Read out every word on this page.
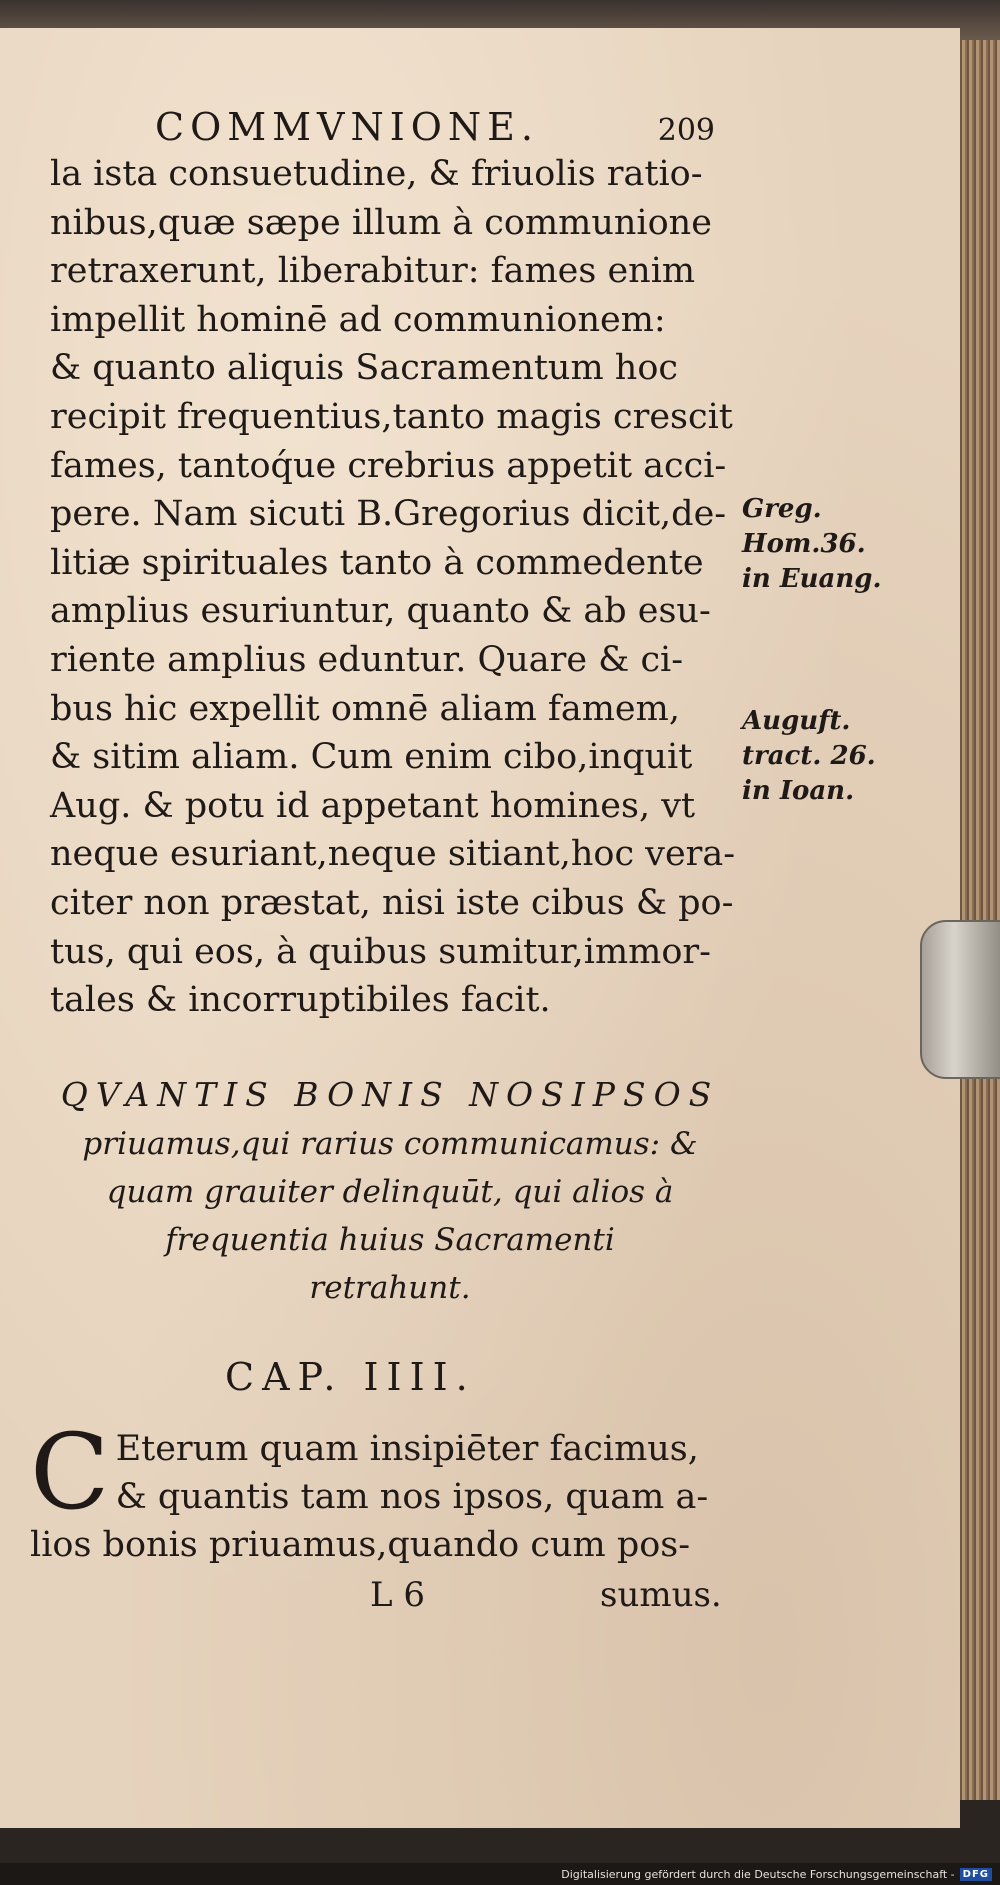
COMMVNIONE.	209
la ista consuetudine, & friuolis ratio-
nibus,quæ sæpe illum à communione
retraxerunt, liberabitur: fames enim
impellit hominē ad communionem:
& quanto aliquis Sacramentum hoc
recipit frequentius,tanto magis crescit
fames, tantoq́ue crebrius appetit acci-
pere. Nam sicuti B.Gregorius dicit,de-
litiæ spirituales tanto à commedente
amplius esuriuntur, quanto & ab esu-
riente amplius eduntur. Quare & ci-
bus hic expellit omnē aliam famem,
& sitim aliam. Cum enim cibo,inquit
Aug. & potu id appetant homines, vt
neque esuriant,neque sitiant,hoc vera-
citer non præstat, nisi iste cibus & po-
tus, qui eos, à quibus sumitur,immor-
tales & incorruptibiles facit.
Greg.
Hom.36.
in Euang.
Auguft.
tract. 26.
in Ioan.
QVANTIS BONIS NOSIPSOS
priuamus,qui rarius communicamus: &
quam grauiter delinquūt, qui alios à
frequentia huius Sacramenti
retrahunt.
CAP. IIII.
C Eterum quam insipiēter facimus,
& quantis tam nos ipsos, quam a-
lios bonis priuamus,quando cum pos-
L 6	sumus.
Digitalisierung gefördert durch die Deutsche Forschungsgemeinschaft - DFG
